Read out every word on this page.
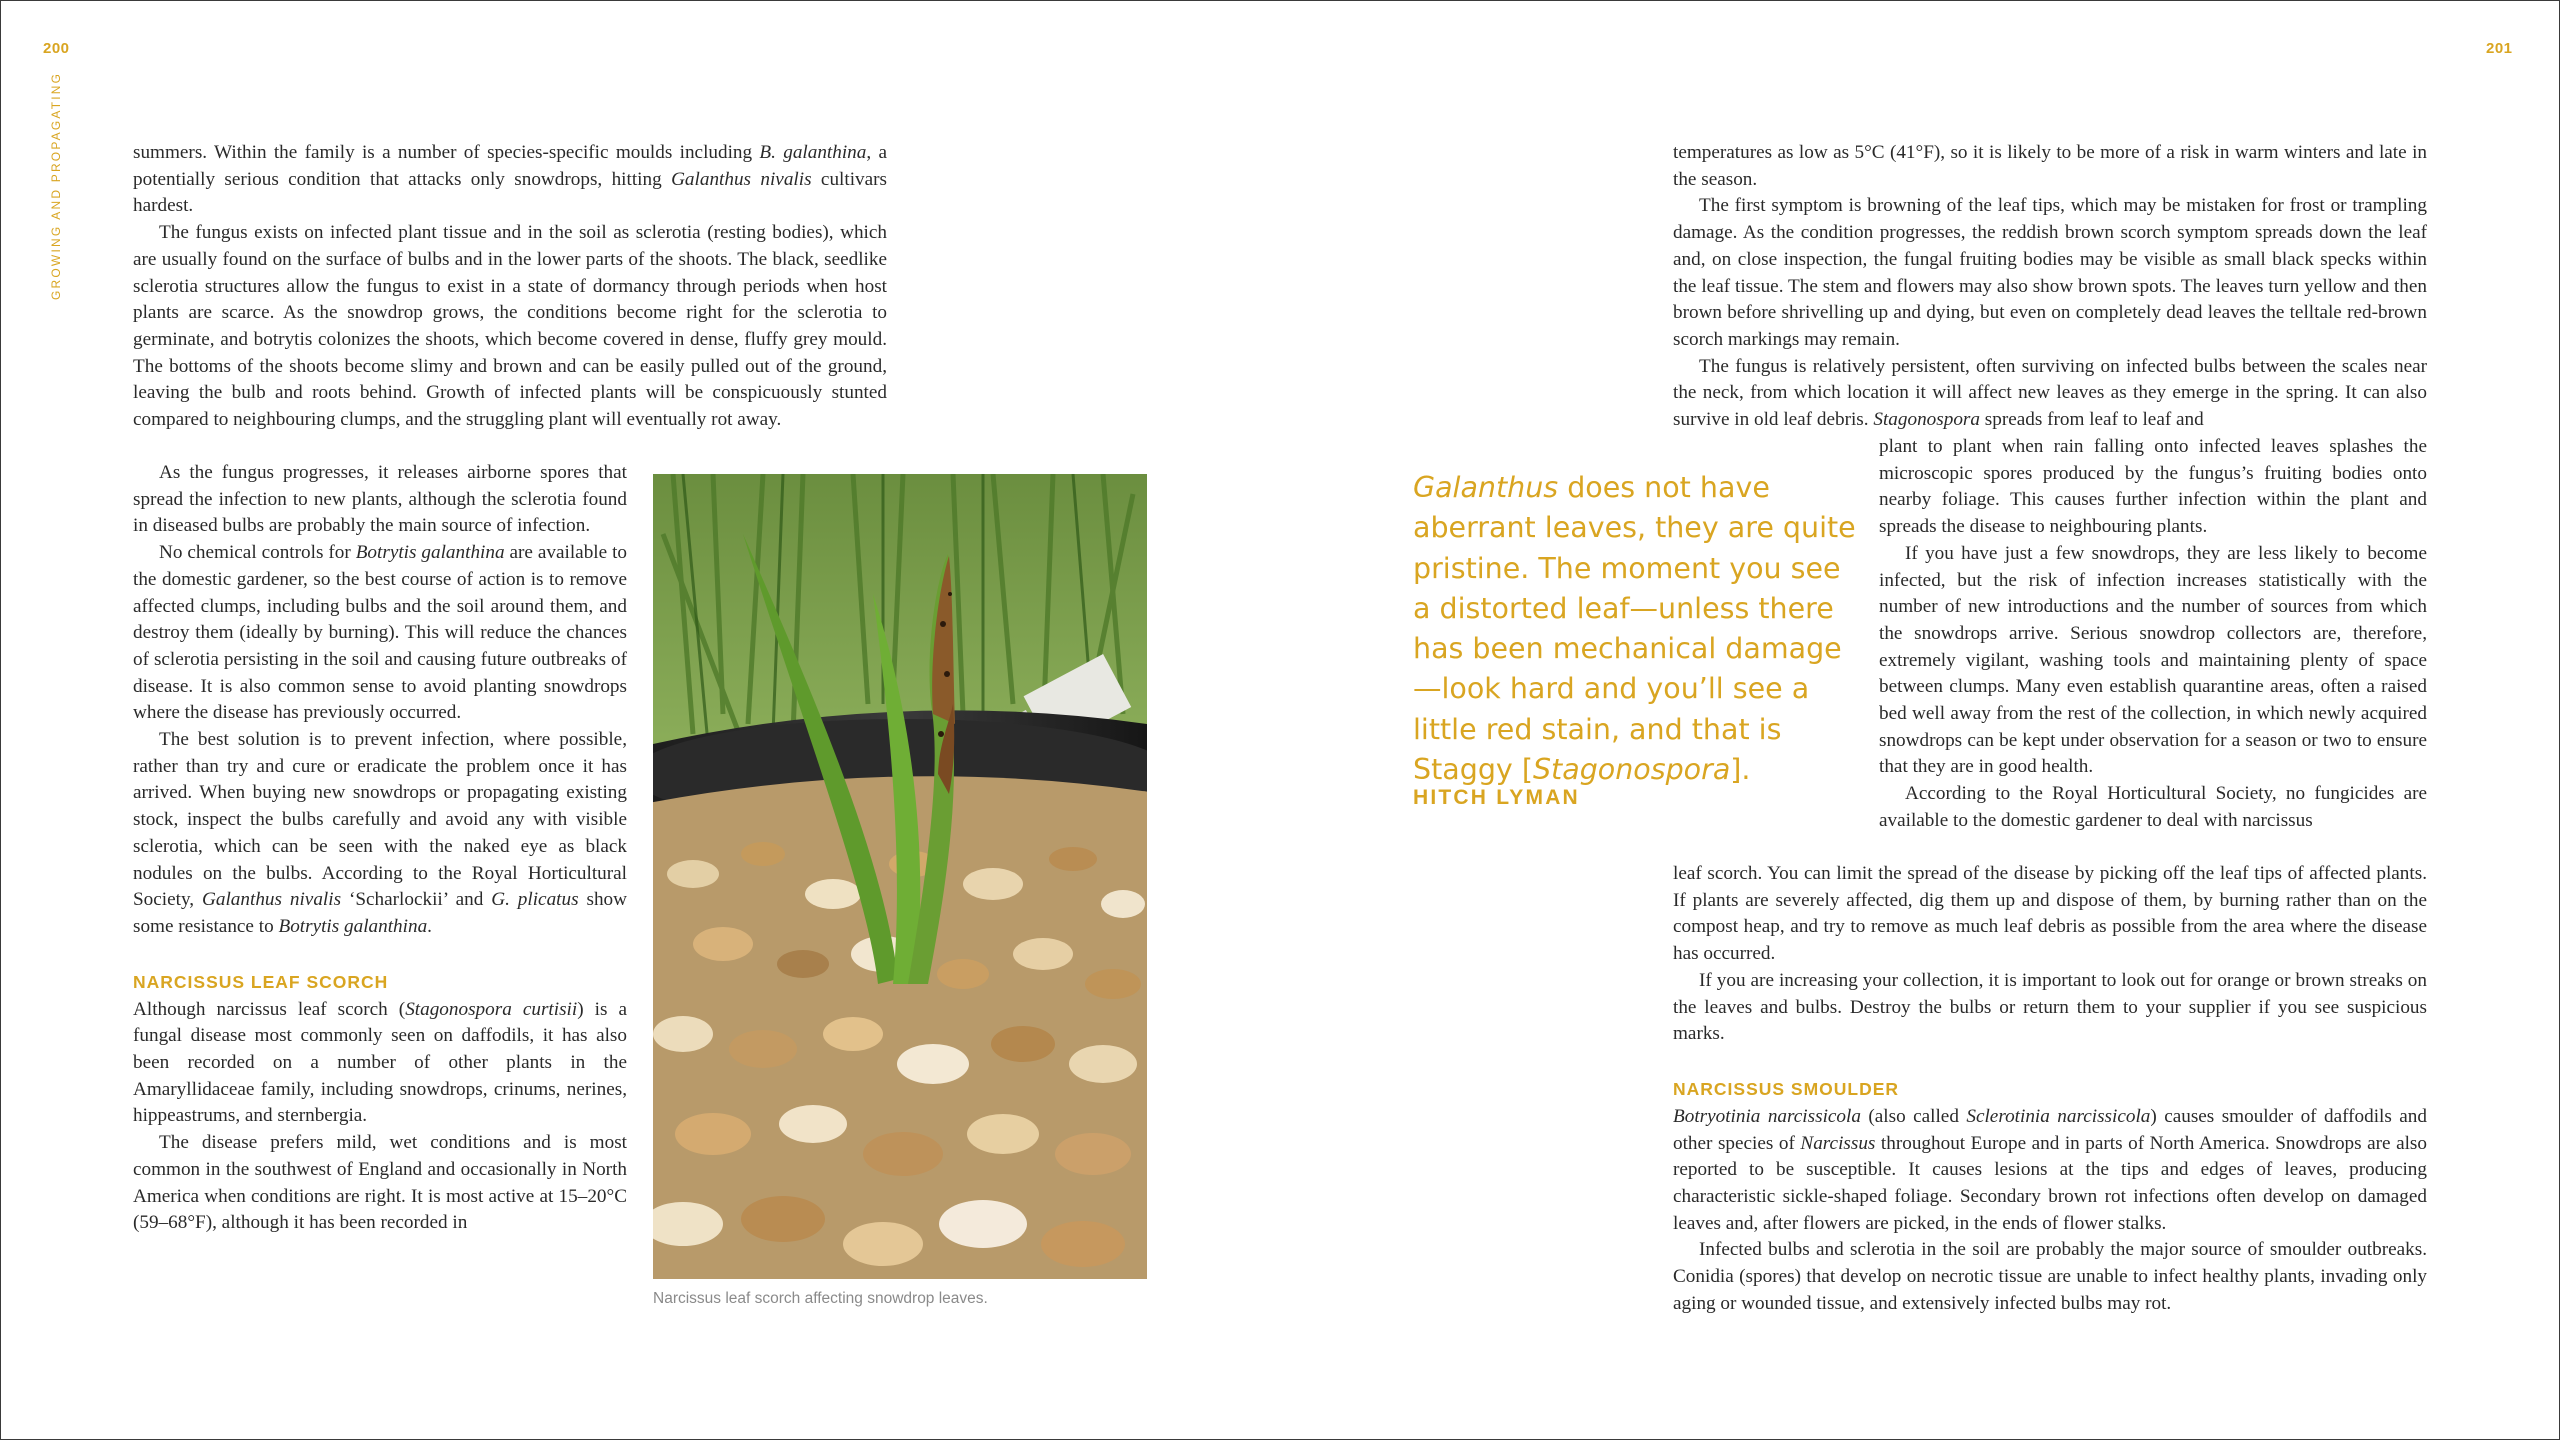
200	201
GROWING AND PROPAGATING	summers. Within the family is a number of species-specific moulds including B. galanthina, a potentially serious condition that attacks only snowdrops, hitting Galanthus nivalis cultivars hardest.

The fungus exists on infected plant tissue and in the soil as sclerotia (resting bodies), which are usually found on the surface of bulbs and in the lower parts of the shoots. The black, seedlike sclerotia structures allow the fungus to exist in a state of dormancy through periods when host plants are scarce. As the snowdrop grows, the conditions become right for the sclerotia to germinate, and botrytis colonizes the shoots, which become covered in dense, fluffy grey mould. The bottoms of the shoots become slimy and brown and can be easily pulled out of the ground, leaving the bulb and roots behind. Growth of infected plants will be conspicuously stunted compared to neighbouring clumps, and the struggling plant will eventually rot away.

As the fungus progresses, it releases airborne spores that spread the infection to new plants, although the sclerotia found in diseased bulbs are probably the main source of infection.

No chemical controls for Botrytis galanthina are available to the domestic gardener, so the best course of action is to remove affected clumps, including bulbs and the soil around them, and destroy them (ideally by burning). This will reduce the chances of sclerotia persisting in the soil and causing future outbreaks of disease. It is also common sense to avoid planting snowdrops where the disease has previously occurred.

The best solution is to prevent infection, where possible, rather than try and cure or eradicate the problem once it has arrived. When buying new snowdrops or propagating existing stock, inspect the bulbs carefully and avoid any with visible sclerotia, which can be seen with the naked eye as black nodules on the bulbs. According to the Royal Horticultural Society, Galanthus nivalis ‘Scharlockii’ and G. plicatus show some resistance to Botrytis galanthina.

NARCISSUS LEAF SCORCH

Although narcissus leaf scorch (Stagonospora curtisii) is a fungal disease most commonly seen on daffodils, it has also been recorded on a number of other plants in the Amaryllidaceae family, including snowdrops, crinums, nerines, hippeastrums, and sternbergia.

The disease prefers mild, wet conditions and is most common in the southwest of England and occasionally in North America when conditions are right. It is most active at 15–20°C (59–68°F), although it has been recorded in

Narcissus leaf scorch affecting snowdrop leaves.
Galanthus does not have aberrant leaves, they are quite pristine. The moment you see a distorted leaf—unless there has been mechanical damage—look hard and you’ll see a little red stain, and that is Staggy [Stagonospora].
HITCH LYMAN

temperatures as low as 5°C (41°F), so it is likely to be more of a risk in warm winters and late in the season.

The first symptom is browning of the leaf tips, which may be mistaken for frost or trampling damage. As the condition progresses, the reddish brown scorch symptom spreads down the leaf and, on close inspection, the fungal fruiting bodies may be visible as small black specks within the leaf tissue. The stem and flowers may also show brown spots. The leaves turn yellow and then brown before shrivelling up and dying, but even on completely dead leaves the telltale red-brown scorch markings may remain.

The fungus is relatively persistent, often surviving on infected bulbs between the scales near the neck, from which location it will affect new leaves as they emerge in the spring. It can also survive in old leaf debris. Stagonospora spreads from leaf to leaf and

plant to plant when rain falling onto infected leaves splashes the microscopic spores produced by the fungus’s fruiting bodies onto nearby foliage. This causes further infection within the plant and spreads the disease to neighbouring plants.

If you have just a few snowdrops, they are less likely to become infected, but the risk of infection increases statistically with the number of new introductions and the number of sources from which the snowdrops arrive. Serious snowdrop collectors are, therefore, extremely vigilant, washing tools and maintaining plenty of space between clumps. Many even establish quarantine areas, often a raised bed well away from the rest of the collection, in which newly acquired snowdrops can be kept under observation for a season or two to ensure that they are in good health.

According to the Royal Horticultural Society, no fungicides are available to the domestic gardener to deal with narcissus

leaf scorch. You can limit the spread of the disease by picking off the leaf tips of affected plants. If plants are severely affected, dig them up and dispose of them, by burning rather than on the compost heap, and try to remove as much leaf debris as possible from the area where the disease has occurred.

If you are increasing your collection, it is important to look out for orange or brown streaks on the leaves and bulbs. Destroy the bulbs or return them to your supplier if you see suspicious marks.

NARCISSUS SMOULDER

Botryotinia narcissicola (also called Sclerotinia narcissicola) causes smoulder of daffodils and other species of Narcissus throughout Europe and in parts of North America. Snowdrops are also reported to be susceptible. It causes lesions at the tips and edges of leaves, producing characteristic sickle-shaped foliage. Secondary brown rot infections often develop on damaged leaves and, after flowers are picked, in the ends of flower stalks.

Infected bulbs and sclerotia in the soil are probably the major source of smoulder outbreaks. Conidia (spores) that develop on necrotic tissue are unable to infect healthy plants, invading only aging or wounded tissue, and extensively infected bulbs may rot.
